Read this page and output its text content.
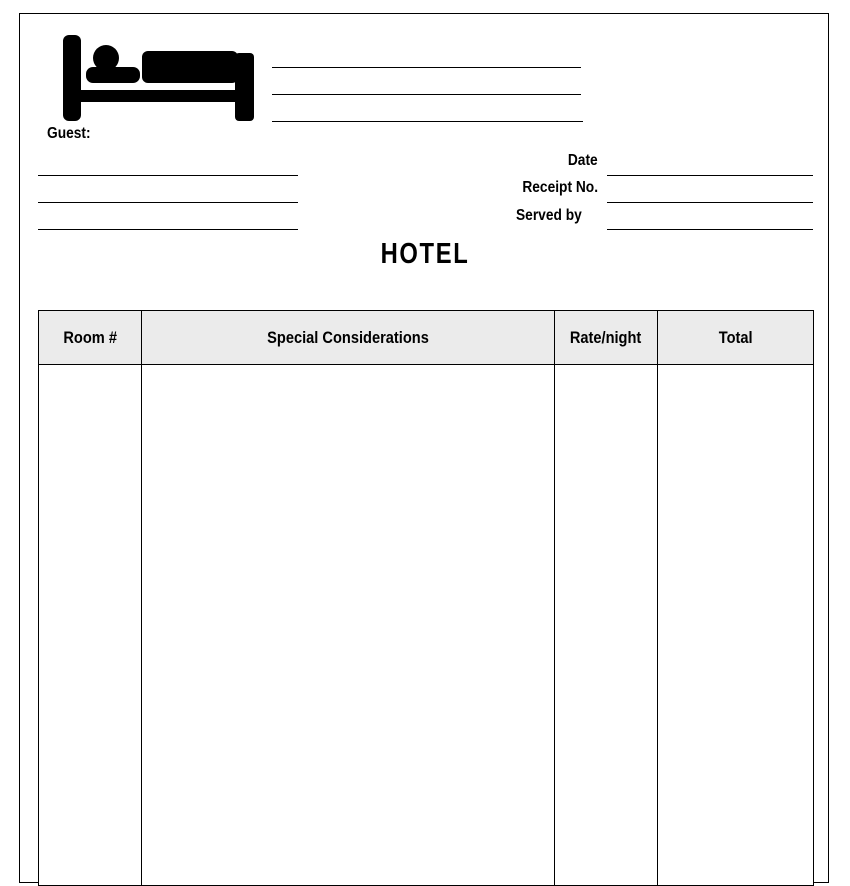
Guest:
Date
Receipt No.
Served by
HOTEL
Room #	Special Considerations	Rate/night	Total
